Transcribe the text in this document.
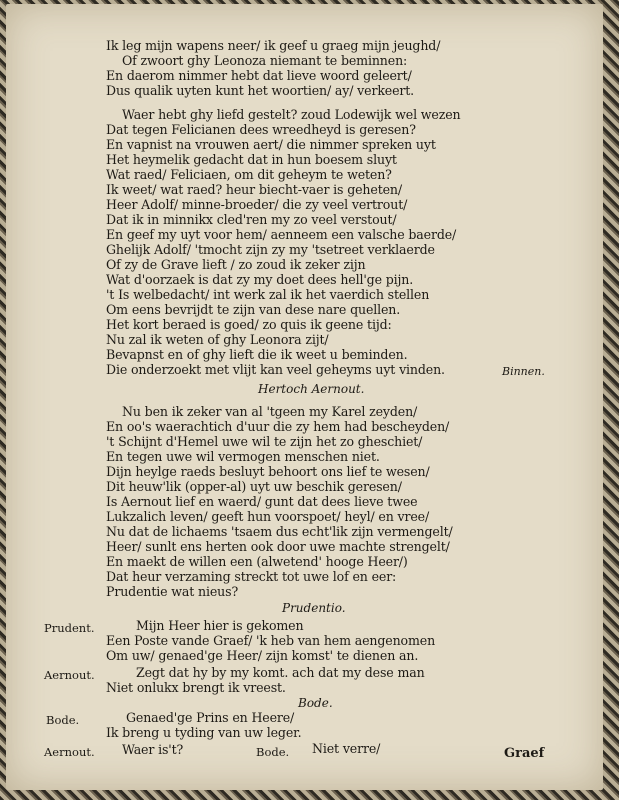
Ik leg mijn wapens neer/ ik geef u graeg mijn jeughd/
Of zwoort ghy Leonoza niemant te beminnen:
En daerom nimmer hebt dat lieve woord geleert/
Dus qualik uyten kunt het woortien/ ay/ verkeert.
Waer hebt ghy liefd gestelt? zoud Lodewijk wel wezen
Dat tegen Felicianen dees wreedheyd is geresen?
En vapnist na vrouwen aert/ die nimmer spreken uyt
Het heymelik gedacht dat in hun boesem sluyt
Wat raed/ Feliciaen, om dit geheym te weten?
Ik weet/ wat raed? heur biecht-vaer is geheten/
Heer Adolf/ minne-broeder/ die zy veel vertrout/
Dat ik in minnikx cled'ren my zo veel verstout/
En geef my uyt voor hem/ aenneem een valsche baerde/
Ghelijk Adolf/ 'tmocht zijn zy my 'tsetreet verklaerde
Of zy de Grave lieft / zo zoud ik zeker zijn
Wat d'oorzaek is dat zy my doet dees hell'ge pijn.
't Is welbedacht/ int werk zal ik het vaerdich stellen
Om eens bevrijdt te zijn van dese nare quellen.
Het kort beraed is goed/ zo quis ik geene tijd:
Nu zal ik weten of ghy Leonora zijt/
Bevapnst en of ghy lieft die ik weet u beminden.
Die onderzoekt met vlijt kan veel geheyms uyt vinden.	Binnen.
Hertoch Aernout.
Nu ben ik zeker van al 'tgeen my Karel zeyden/
En oo's waerachtich d'uur die zy hem had bescheyden/
't Schijnt d'Hemel uwe wil te zijn het zo gheschiet/
En tegen uwe wil vermogen menschen niet.
Dijn heylge raeds besluyt behoort ons lief te wesen/
Dit heuw'lik (opper-al) uyt uw beschik geresen/
Is Aernout lief en waerd/ gunt dat dees lieve twee
Lukzalich leven/ geeft hun voorspoet/ heyl/ en vree/
Nu dat de lichaems 'tsaem dus echt'lik zijn vermengelt/
Heer/ sunlt ens herten ook door uwe machte strengelt/
En maekt de willen een (alwetend' hooge Heer/)
Dat heur verzaming streckt tot uwe lof en eer:
Prudentie wat nieus?
Prudentio.
Prudent.	Mijn Heer hier is gekomen
Een Poste vande Graef/ 'k heb van hem aengenomen
Om uw/ genaed'ge Heer/ zijn komst' te dienen an.
Aernout.	Zegt dat hy by my komt. ach dat my dese man
Niet onlukx brengt ik vreest.
Bode.
Bode.	Genaed'ge Prins en Heere/
Ik breng u tyding van uw leger.
Aernout. Waer is't?	Bode. Niet verre/	Graef
